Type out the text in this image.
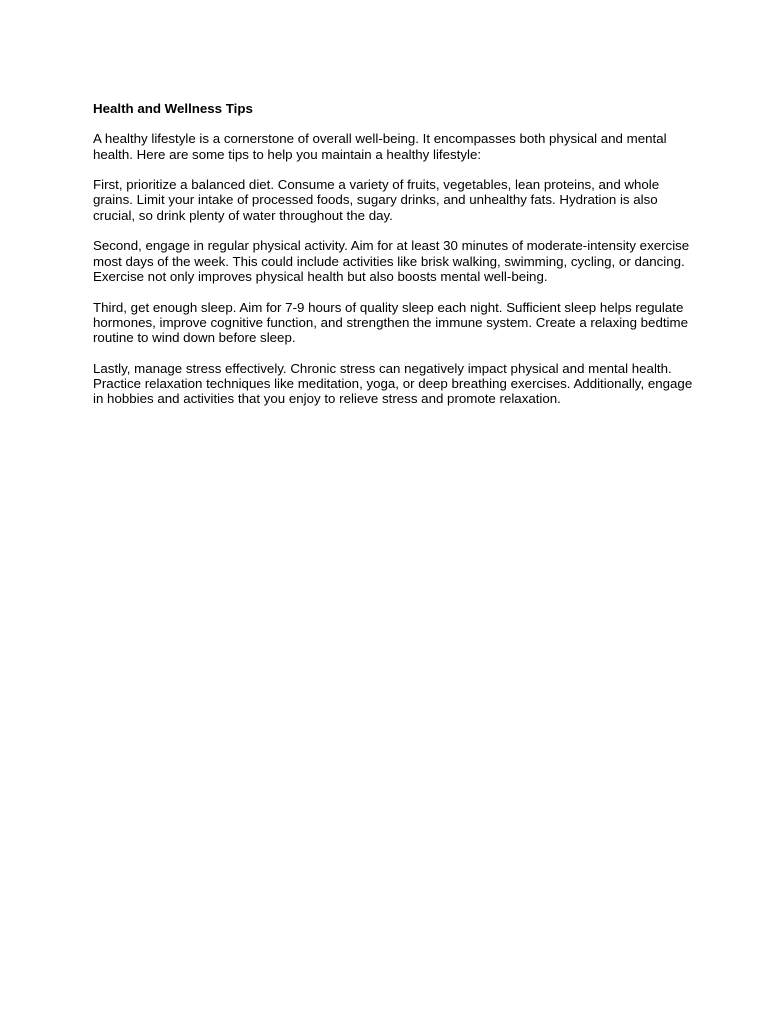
Health and Wellness Tips

A healthy lifestyle is a cornerstone of overall well-being. It encompasses both physical and mental health. Here are some tips to help you maintain a healthy lifestyle:

First, prioritize a balanced diet. Consume a variety of fruits, vegetables, lean proteins, and whole grains. Limit your intake of processed foods, sugary drinks, and unhealthy fats. Hydration is also crucial, so drink plenty of water throughout the day.

Second, engage in regular physical activity. Aim for at least 30 minutes of moderate-intensity exercise most days of the week. This could include activities like brisk walking, swimming, cycling, or dancing. Exercise not only improves physical health but also boosts mental well-being.

Third, get enough sleep. Aim for 7-9 hours of quality sleep each night. Sufficient sleep helps regulate hormones, improve cognitive function, and strengthen the immune system. Create a relaxing bedtime routine to wind down before sleep.

Lastly, manage stress effectively. Chronic stress can negatively impact physical and mental health. Practice relaxation techniques like meditation, yoga, or deep breathing exercises. Additionally, engage in hobbies and activities that you enjoy to relieve stress and promote relaxation.
